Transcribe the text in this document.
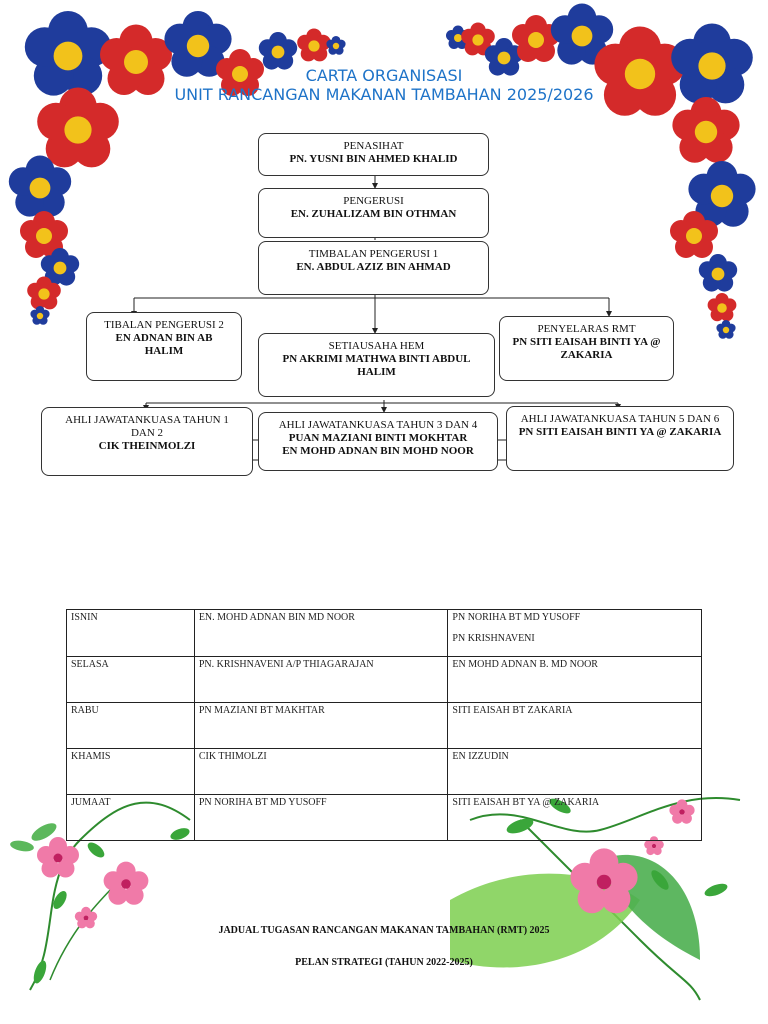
CARTA ORGANISASI
UNIT RANCANGAN MAKANAN TAMBAHAN 2025/2026
PENASIHAT
PN. YUSNI BIN AHMED KHALID
PENGERUSI
EN. ZUHALIZAM BIN OTHMAN
TIMBALAN PENGERUSI 1
EN. ABDUL AZIZ BIN AHMAD
TIBALAN PENGERUSI 2
EN ADNAN BIN AB HALIM	SETIAUSAHA HEM
PN AKRIMI MATHWA BINTI ABDUL HALIM
PENYELARAS RMT
PN SITI EAISAH BINTI YA @ ZAKARIA
AHLI JAWATANKUASA TAHUN 1 DAN 2
CIK THEINMOLZI
AHLI JAWATANKUASA TAHUN 3 DAN 4
PUAN MAZIANI BINTI MOKHTAR
EN MOHD ADNAN BIN MOHD NOOR
AHLI JAWATANKUASA TAHUN 5 DAN 6
PN SITI EAISAH BINTI YA @ ZAKARIA
ISNIN	EN. MOHD ADNAN BIN MD NOOR	PN NORIHA BT MD YUSOFF

PN KRISHNAVENI

SELASA	PN. KRISHNAVENI A/P THIAGARAJAN	EN MOHD ADNAN B. MD NOOR
RABU	PN MAZIANI BT MAKHTAR	SITI EAISAH BT ZAKARIA
KHAMIS	CIK THIMOLZI	EN IZZUDIN
JUMAAT	PN NORIHA BT MD YUSOFF	SITI EAISAH BT YA @ ZAKARIA
JADUAL TUGASAN RANCANGAN MAKANAN TAMBAHAN (RMT) 2025
PELAN STRATEGI (TAHUN 2022-2025)
